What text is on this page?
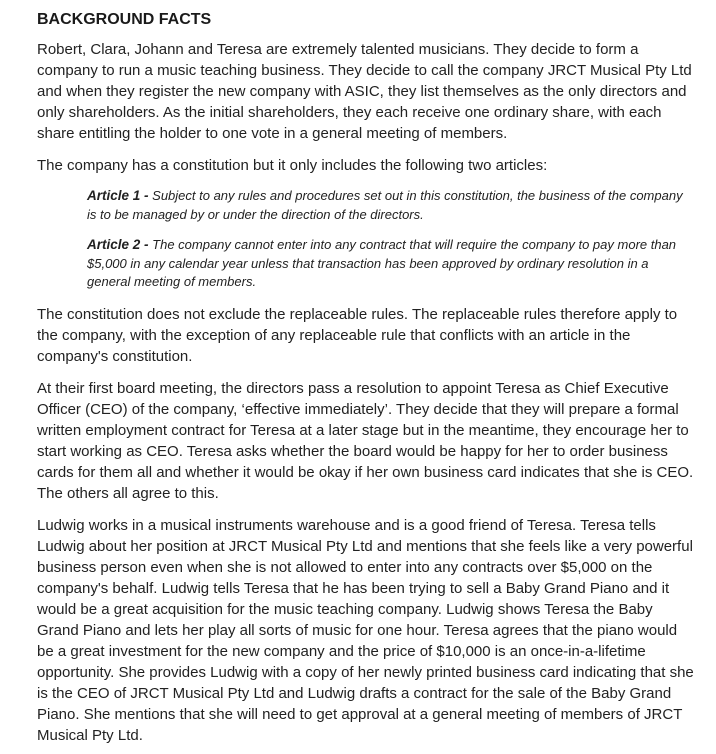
BACKGROUND FACTS

Robert, Clara, Johann and Teresa are extremely talented musicians. They decide to form a company to run a music teaching business. They decide to call the company JRCT Musical Pty Ltd and when they register the new company with ASIC, they list themselves as the only directors and only shareholders. As the initial shareholders, they each receive one ordinary share, with each share entitling the holder to one vote in a general meeting of members.

The company has a constitution but it only includes the following two articles:

Article 1 - Subject to any rules and procedures set out in this constitution, the business of the company is to be managed by or under the direction of the directors.
Article 2 - The company cannot enter into any contract that will require the company to pay more than $5,000 in any calendar year unless that transaction has been approved by ordinary resolution in a general meeting of members.

The constitution does not exclude the replaceable rules. The replaceable rules therefore apply to the company, with the exception of any replaceable rule that conflicts with an article in the company's constitution.

At their first board meeting, the directors pass a resolution to appoint Teresa as Chief Executive Officer (CEO) of the company, ‘effective immediately’. They decide that they will prepare a formal written employment contract for Teresa at a later stage but in the meantime, they encourage her to start working as CEO. Teresa asks whether the board would be happy for her to order business cards for them all and whether it would be okay if her own business card indicates that she is CEO. The others all agree to this.

Ludwig works in a musical instruments warehouse and is a good friend of Teresa. Teresa tells Ludwig about her position at JRCT Musical Pty Ltd and mentions that she feels like a very powerful business person even when she is not allowed to enter into any contracts over $5,000 on the company's behalf. Ludwig tells Teresa that he has been trying to sell a Baby Grand Piano and it would be a great acquisition for the music teaching company. Ludwig shows Teresa the Baby Grand Piano and lets her play all sorts of music for one hour. Teresa agrees that the piano would be a great investment for the new company and the price of $10,000 is an once-in-a-lifetime opportunity. She provides Ludwig with a copy of her newly printed business card indicating that she is the CEO of JRCT Musical Pty Ltd and Ludwig drafts a contract for the sale of the Baby Grand Piano. She mentions that she will need to get approval at a general meeting of members of JRCT Musical Pty Ltd.
